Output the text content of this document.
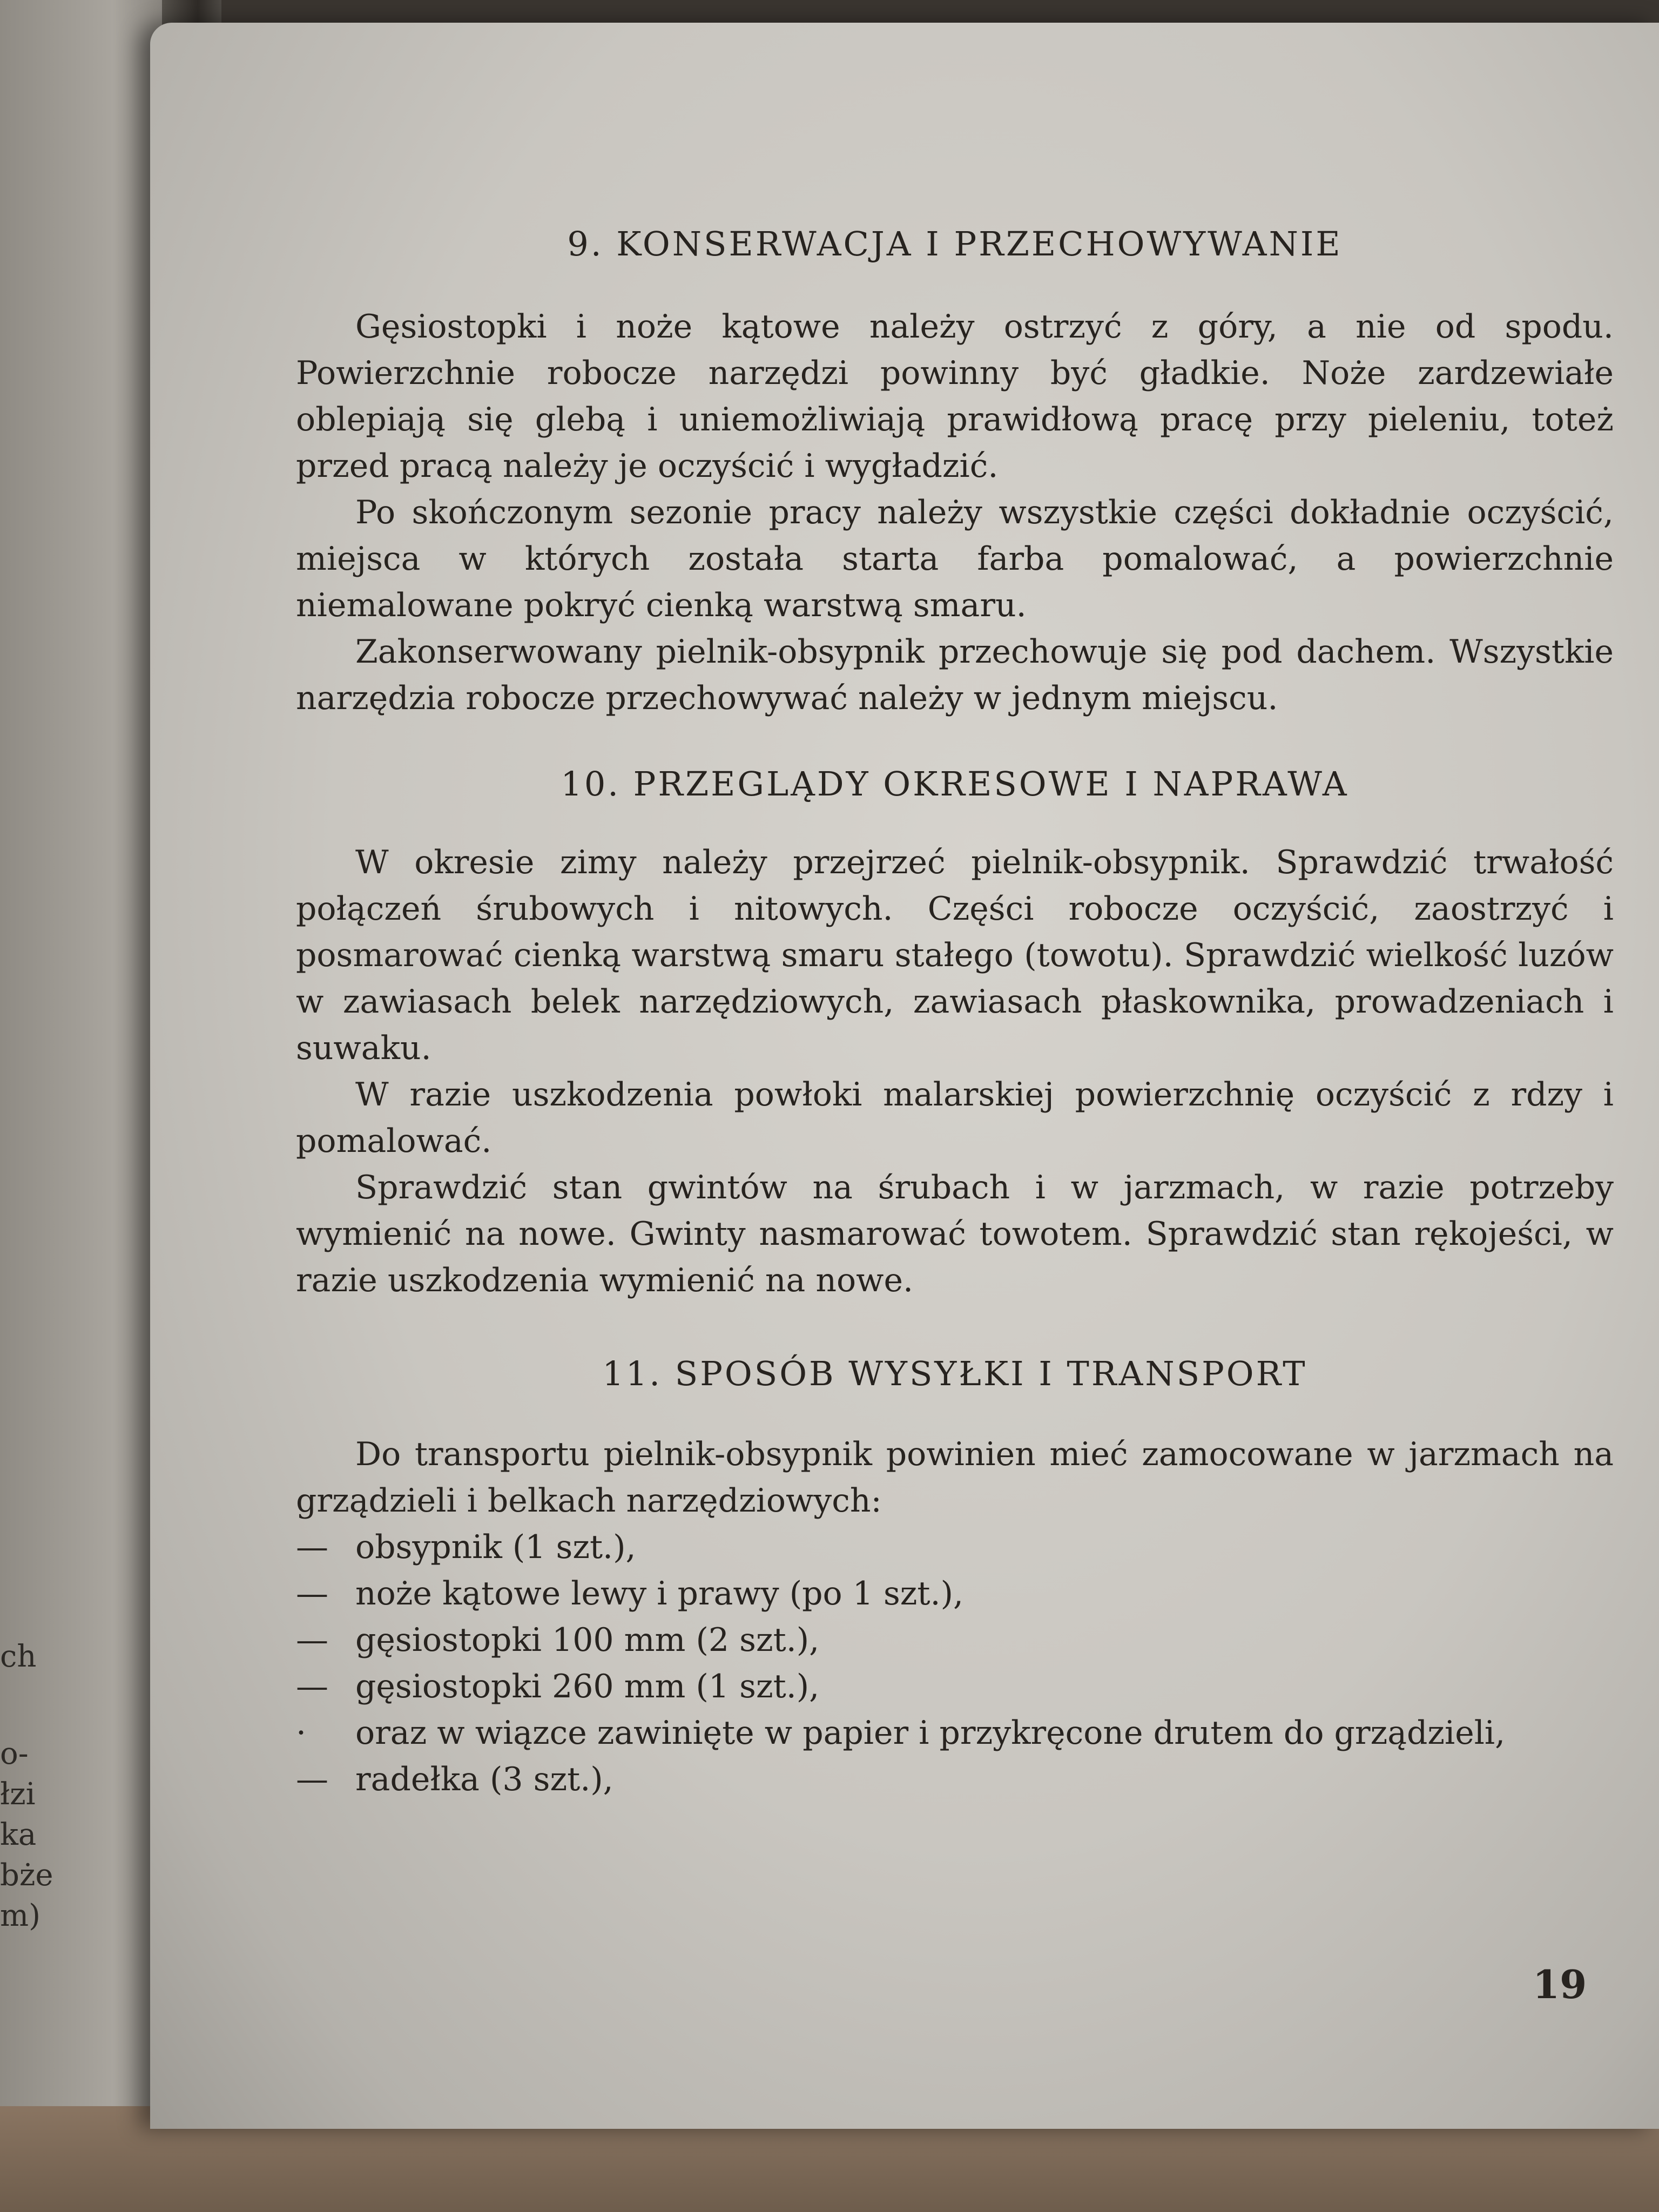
ch
o-
łzi
ka
bże
m)
9. KONSERWACJA I PRZECHOWYWANIE

Gęsiostopki i noże kątowe należy ostrzyć z góry, a nie od spodu. Powierzchnie robocze narzędzi powinny być gładkie. Noże zardzewiałe oblepiają się glebą i uniemożliwiają prawidłową pracę przy pieleniu, toteż przed pracą należy je oczyścić i wygładzić.

Po skończonym sezonie pracy należy wszystkie części dokładnie oczyścić, miejsca w których została starta farba pomalować, a powierzchnie niemalowane pokryć cienką warstwą smaru.

Zakonserwowany pielnik-obsypnik przechowuje się pod dachem. Wszystkie narzędzia robocze przechowywać należy w jednym miejscu.

10. PRZEGLĄDY OKRESOWE I NAPRAWA

W okresie zimy należy przejrzeć pielnik-obsypnik. Sprawdzić trwałość połączeń śrubowych i nitowych. Części robocze oczyścić, zaostrzyć i posmarować cienką warstwą smaru stałego (towotu). Sprawdzić wielkość luzów w zawiasach belek narzędziowych, zawiasach płaskownika, prowadzeniach i suwaku.

W razie uszkodzenia powłoki malarskiej powierzchnię oczyścić z rdzy i pomalować.

Sprawdzić stan gwintów na śrubach i w jarzmach, w razie potrzeby wymienić na nowe. Gwinty nasmarować towotem. Sprawdzić stan rękojeści, w razie uszkodzenia wymienić na nowe.

11. SPOSÓB WYSYŁKI I TRANSPORT

Do transportu pielnik-obsypnik powinien mieć zamocowane w jarzmach na grządzieli i belkach narzędziowych:

— obsypnik (1 szt.),
— noże kątowe lewy i prawy (po 1 szt.),
— gęsiostopki 100 mm (2 szt.),
— gęsiostopki 260 mm (1 szt.),
· oraz w wiązce zawinięte w papier i przykręcone drutem do grządzieli,
— radełka (3 szt.),
19
